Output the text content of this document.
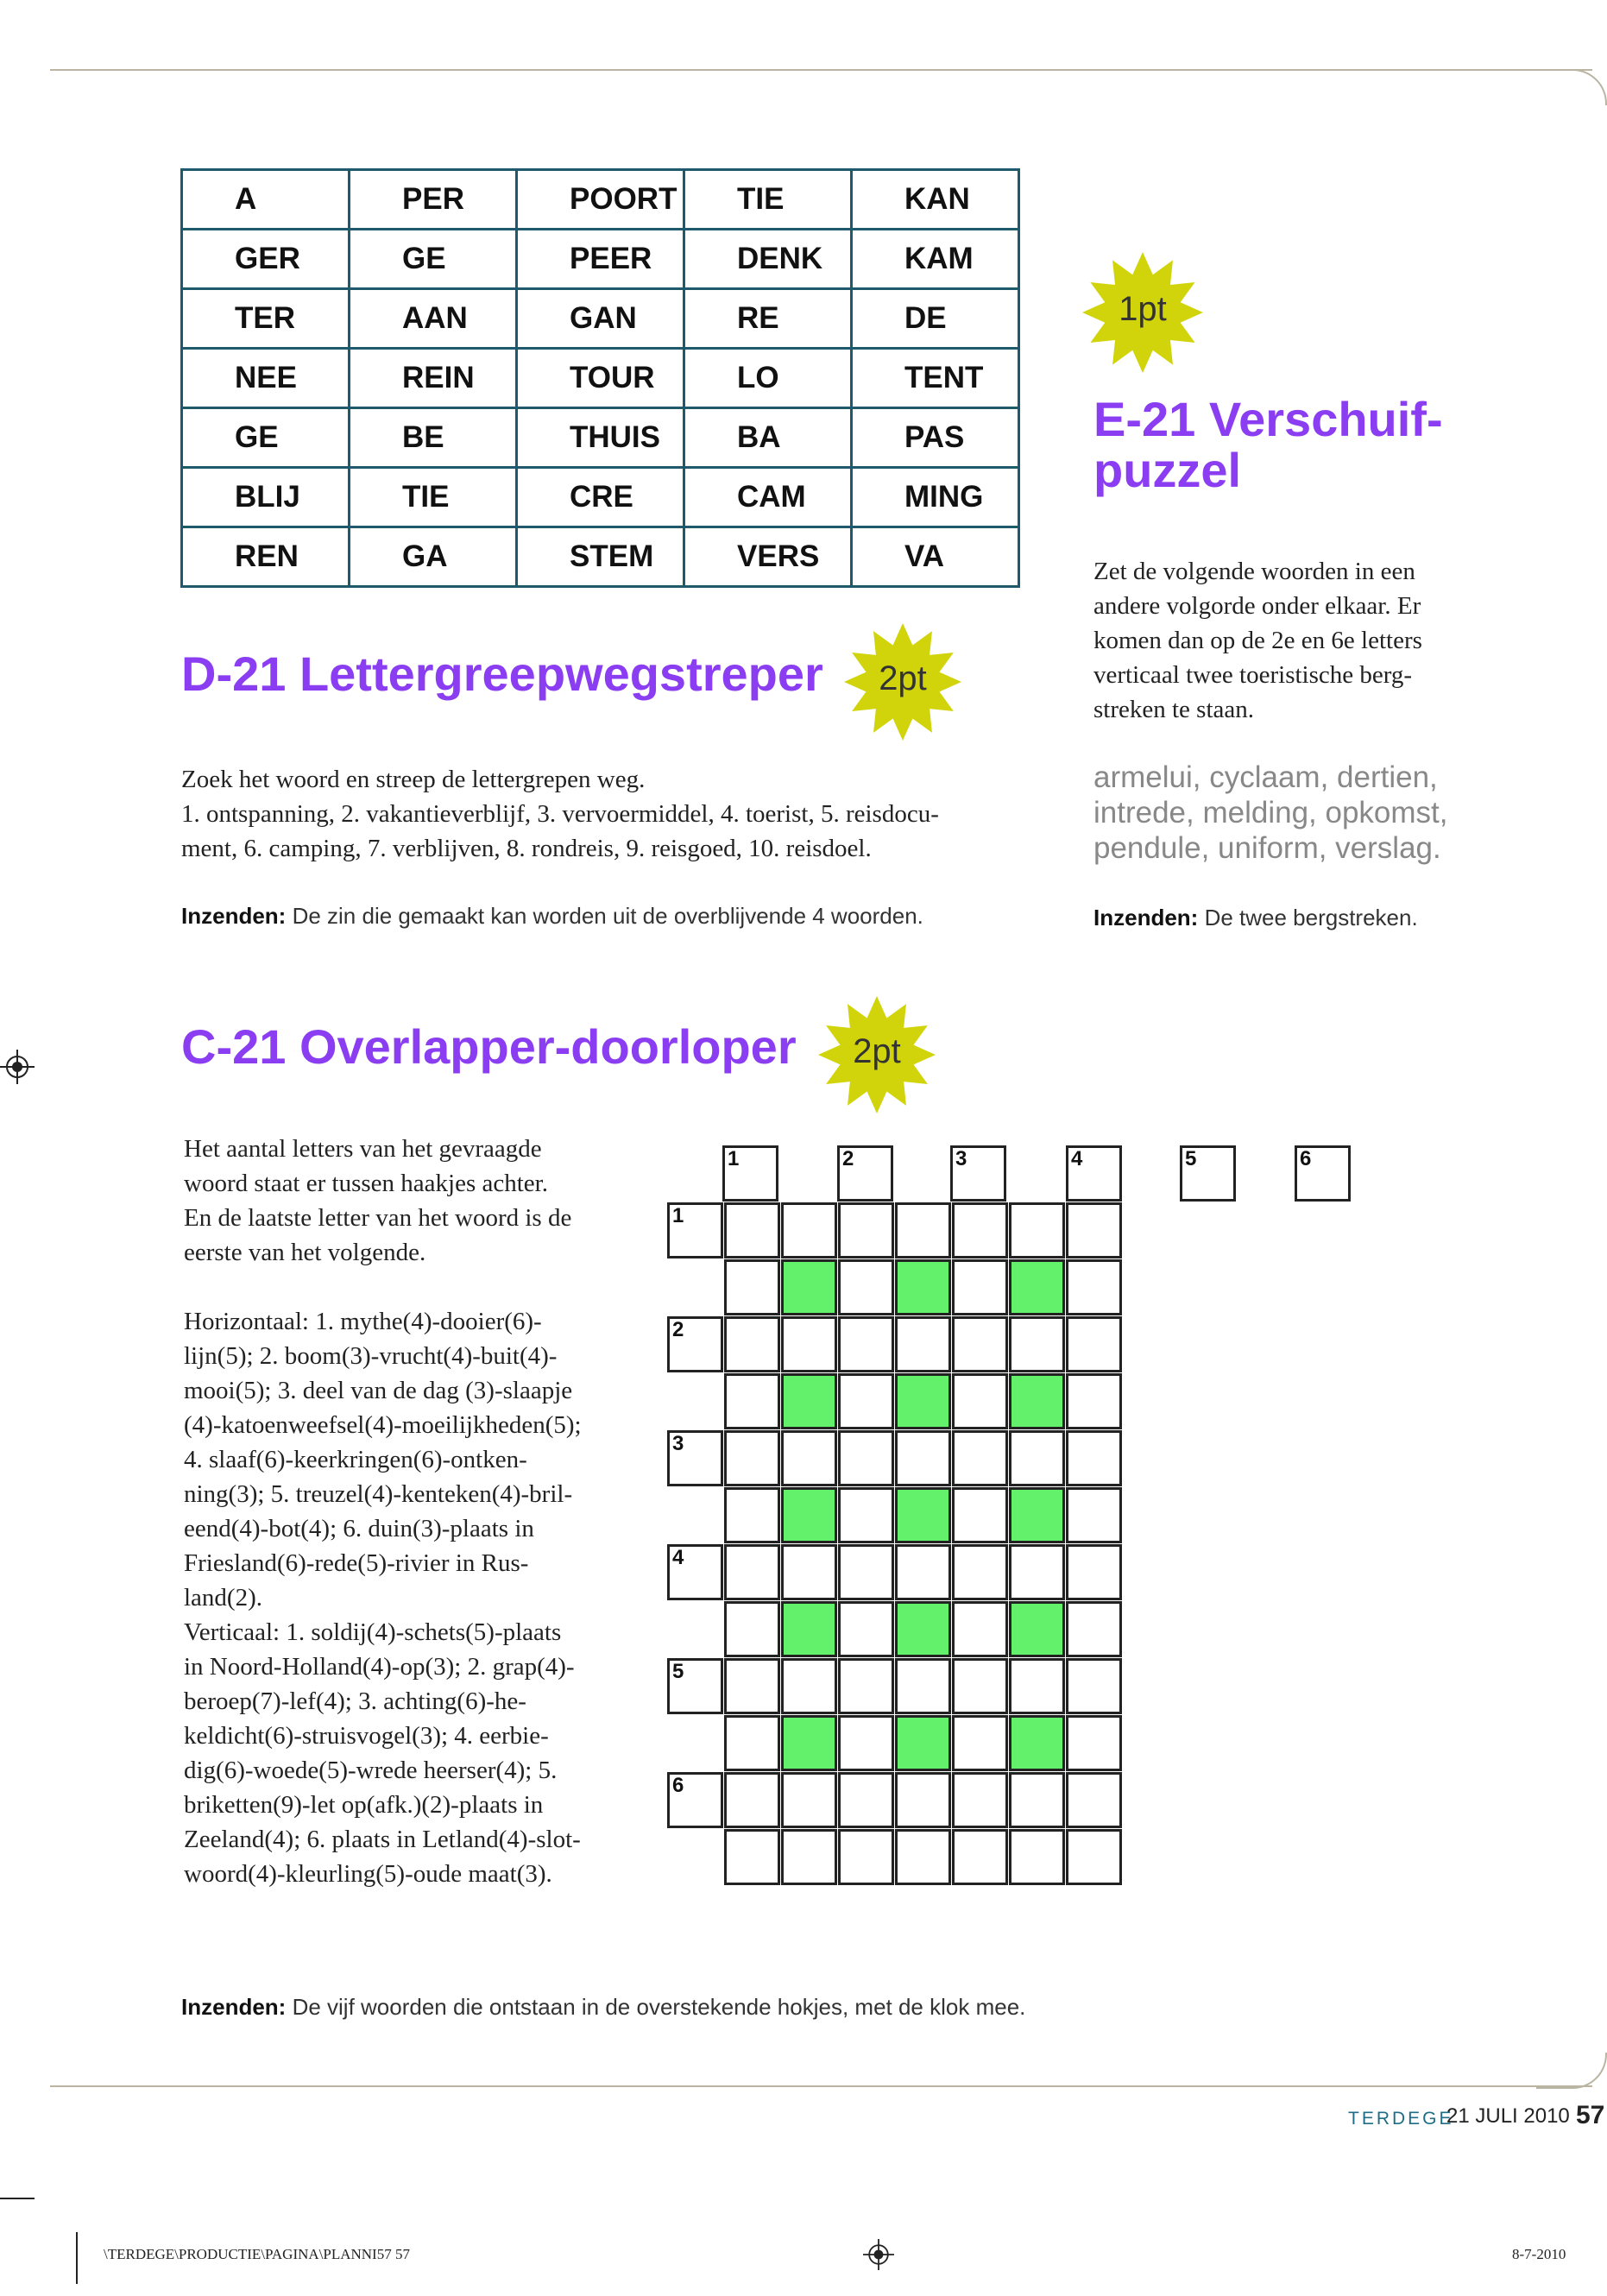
A	PER	POORT	TIE	KAN
GER	GE	PEER	DENK	KAM
TER	AAN	GAN	RE	DE
NEE	REIN	TOUR	LO	TENT
GE	BE	THUIS	BA	PAS
BLIJ	TIE	CRE	CAM	MING
REN	GA	STEM	VERS	VA
D-21 Lettergreepwegstreper	2pt
Zoek het woord en streep de lettergrepen weg.
1. ontspanning, 2. vakantieverblijf, 3. vervoermiddel, 4. toerist, 5. reisdocu-
ment, 6. camping, 7. verblijven, 8. rondreis, 9. reisgoed, 10. reisdoel.
Inzenden: De zin die gemaakt kan worden uit de overblijvende 4 woorden.
1pt
E-21 Verschuif-
puzzel
Zet de volgende woorden in een
andere volgorde onder elkaar. Er
komen dan op de 2e en 6e letters
verticaal twee toeristische berg-
streken te staan.
armelui, cyclaam, dertien,
intrede, melding, opkomst,
pendule, uniform, verslag.
Inzenden: De twee bergstreken.
C-21 Overlapper-doorloper	2pt
Het aantal letters van het gevraagde
woord staat er tussen haakjes achter.
En de laatste letter van het woord is de
eerste van het volgende.
Horizontaal: 1. mythe(4)-dooier(6)-
lijn(5); 2. boom(3)-vrucht(4)-buit(4)-
mooi(5); 3. deel van de dag (3)-slaapje
(4)-katoenweefsel(4)-moeilijkheden(5);
4. slaaf(6)-keerkringen(6)-ontken-
ning(3); 5. treuzel(4)-kenteken(4)-bril-
eend(4)-bot(4); 6. duin(3)-plaats in
Friesland(6)-rede(5)-rivier in Rus-
land(2).
Verticaal: 1. soldij(4)-schets(5)-plaats
in Noord-Holland(4)-op(3); 2. grap(4)-
beroep(7)-lef(4); 3. achting(6)-he-
keldicht(6)-struisvogel(3); 4. eerbie-
dig(6)-woede(5)-wrede heerser(4); 5.
briketten(9)-let op(afk.)(2)-plaats in
Zeeland(4); 6. plaats in Letland(4)-slot-
woord(4)-kleurling(5)-oude maat(3).
1	2	3	4	5	6
1
2
3
4
5
6
Inzenden: De vijf woorden die ontstaan in de overstekende hokjes, met de klok mee.
TERDEGE
21 JULI 2010 57
\TERDEGE\PRODUCTIE\PAGINA\PLANNI57 57	8-7-2010
